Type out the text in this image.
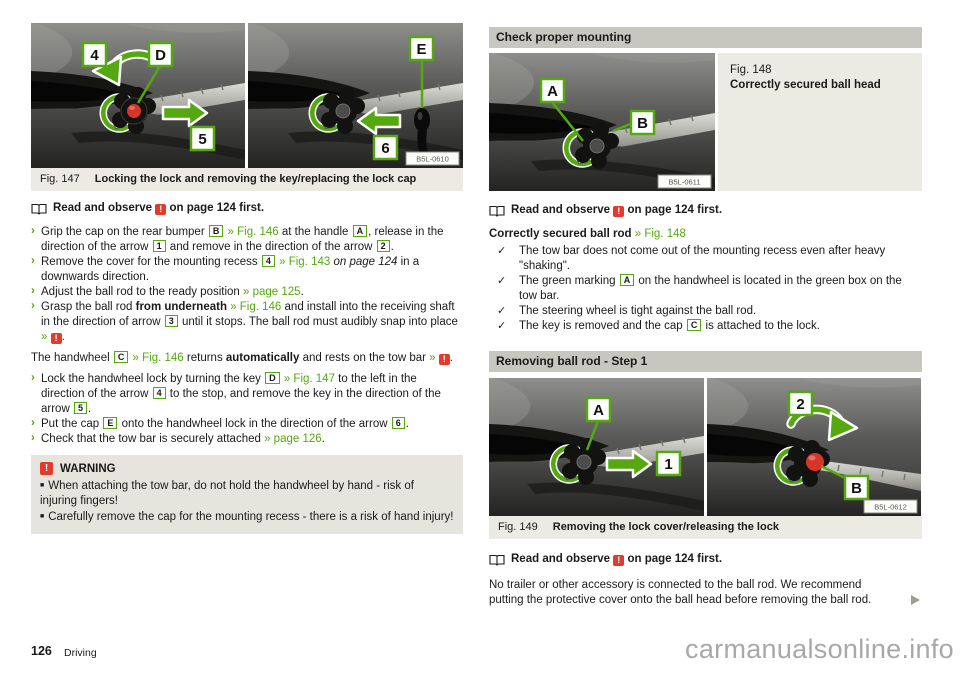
4	D
5
E
6
B5L-0610
Fig. 147 Locking the lock and removing the key/replacing the lock cap
Read and observe ! on page 124 first.
› Grip the cap on the rear bumper B » Fig. 146 at the handle A , release in the direction of the arrow 1 and remove in the direction of the arrow 2 .
› Remove the cover for the mounting recess 4 » Fig. 143 on page 124 in a downwards direction.
› Adjust the ball rod to the ready position » page 125.
› Grasp the ball rod from underneath » Fig. 146 and install into the receiving shaft in the direction of arrow 3 until it stops. The ball rod must audibly snap into place » ! .
The handwheel C » Fig. 146 returns automatically and rests on the tow bar » ! .
› Lock the handwheel lock by turning the key D » Fig. 147 to the left in the direction of the arrow 4 to the stop, and remove the key in the direction of the arrow 5 .
› Put the cap E onto the handwheel lock in the direction of the arrow 6 .
› Check that the tow bar is securely attached » page 126.
!	WARNING
■ When attaching the tow bar, do not hold the handwheel by hand - risk of injuring fingers!
■ Carefully remove the cap for the mounting recess - there is a risk of hand injury!
Check proper mounting
A
B
B5L-0611
Fig. 148
Correctly secured ball head
Read and observe ! on page 124 first.
Correctly secured ball rod » Fig. 148
✓ The tow bar does not come out of the mounting recess even after heavy "shaking".
✓ The green marking A on the handwheel is located in the green box on the tow bar.
✓ The steering wheel is tight against the ball rod.
✓ The key is removed and the cap C is attached to the lock.
Removing ball rod - Step 1
A
1
2
B
B5L-0612
Fig. 149 Removing the lock cover/releasing the lock
Read and observe ! on page 124 first.
No trailer or other accessory is connected to the ball rod. We recommend putting the protective cover onto the ball head before removing the ball rod.
126 Driving	carmanualsonline.info
